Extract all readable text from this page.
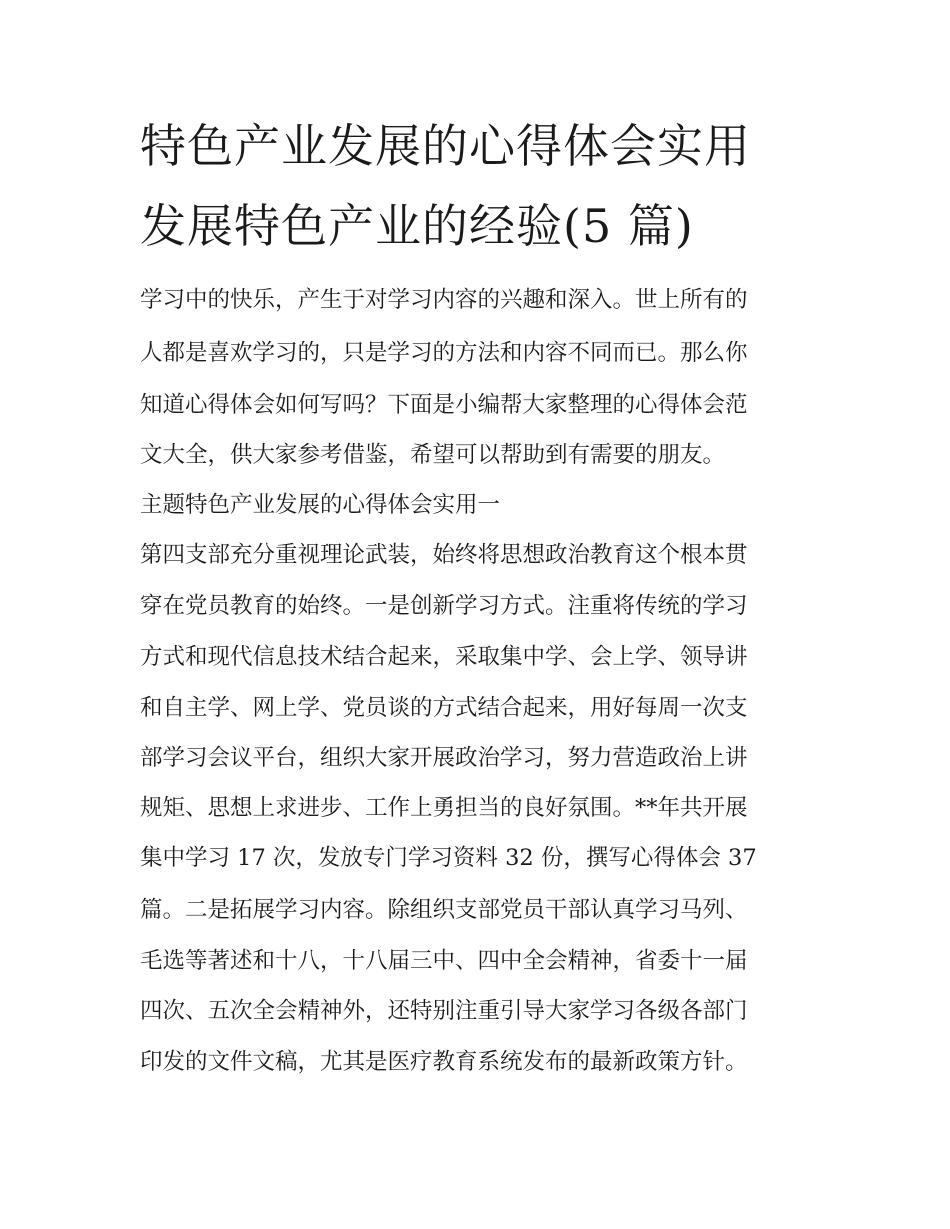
特色产业发展的心得体会实用
发展特色产业的经验(5 篇)
学习中的快乐，产生于对学习内容的兴趣和深入。世上所有的
人都是喜欢学习的，只是学习的方法和内容不同而已。那么你
知道心得体会如何写吗？下面是小编帮大家整理的心得体会范
文大全，供大家参考借鉴，希望可以帮助到有需要的朋友。
主题特色产业发展的心得体会实用一
第四支部充分重视理论武装，始终将思想政治教育这个根本贯
穿在党员教育的始终。一是创新学习方式。注重将传统的学习
方式和现代信息技术结合起来，采取集中学、会上学、领导讲
和自主学、网上学、党员谈的方式结合起来，用好每周一次支
部学习会议平台，组织大家开展政治学习，努力营造政治上讲
规矩、思想上求进步、工作上勇担当的良好氛围。**年共开展
集中学习 17 次，发放专门学习资料 32 份，撰写心得体会 37
篇。二是拓展学习内容。除组织支部党员干部认真学习马列、
毛选等著述和十八，十八届三中、四中全会精神，省委十一届
四次、五次全会精神外，还特别注重引导大家学习各级各部门
印发的文件文稿，尤其是医疗教育系统发布的最新政策方针。
